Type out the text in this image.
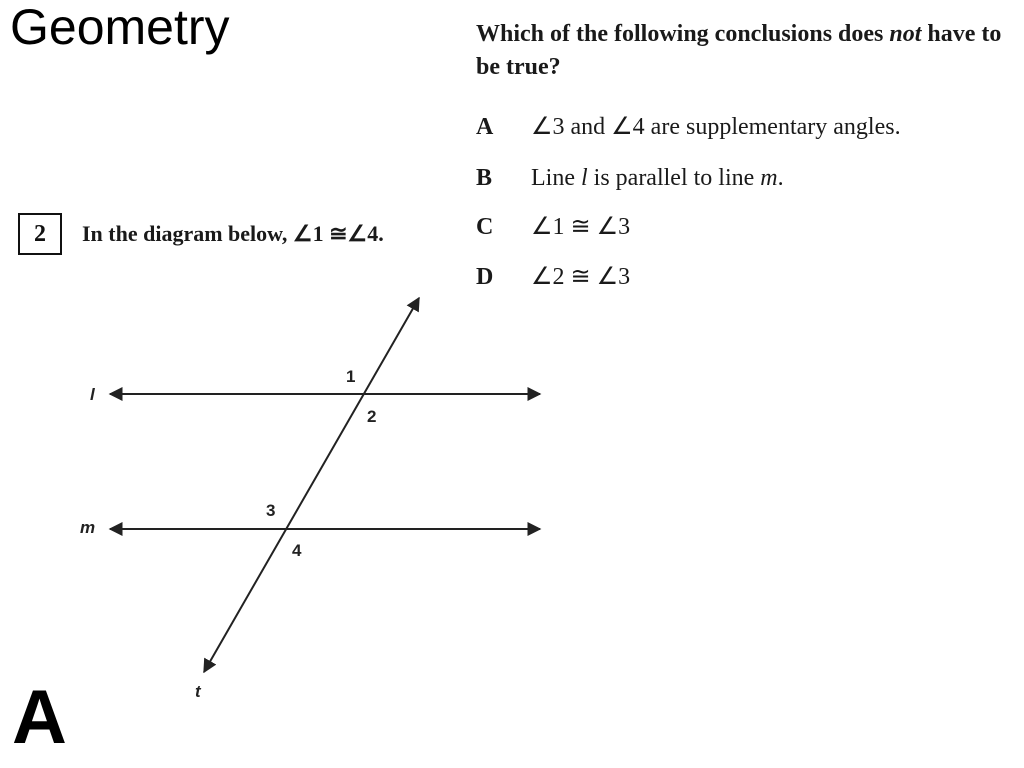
Geometry	Which of the following conclusions does not have to be true?
A ∠3 and ∠4 are supplementary angles.
B Line l is parallel to line m.
C ∠1 ≅ ∠3
D ∠2 ≅ ∠3
2 In the diagram below, ∠1 ≅∠4.
l
m
t
1
2
3
4
A
